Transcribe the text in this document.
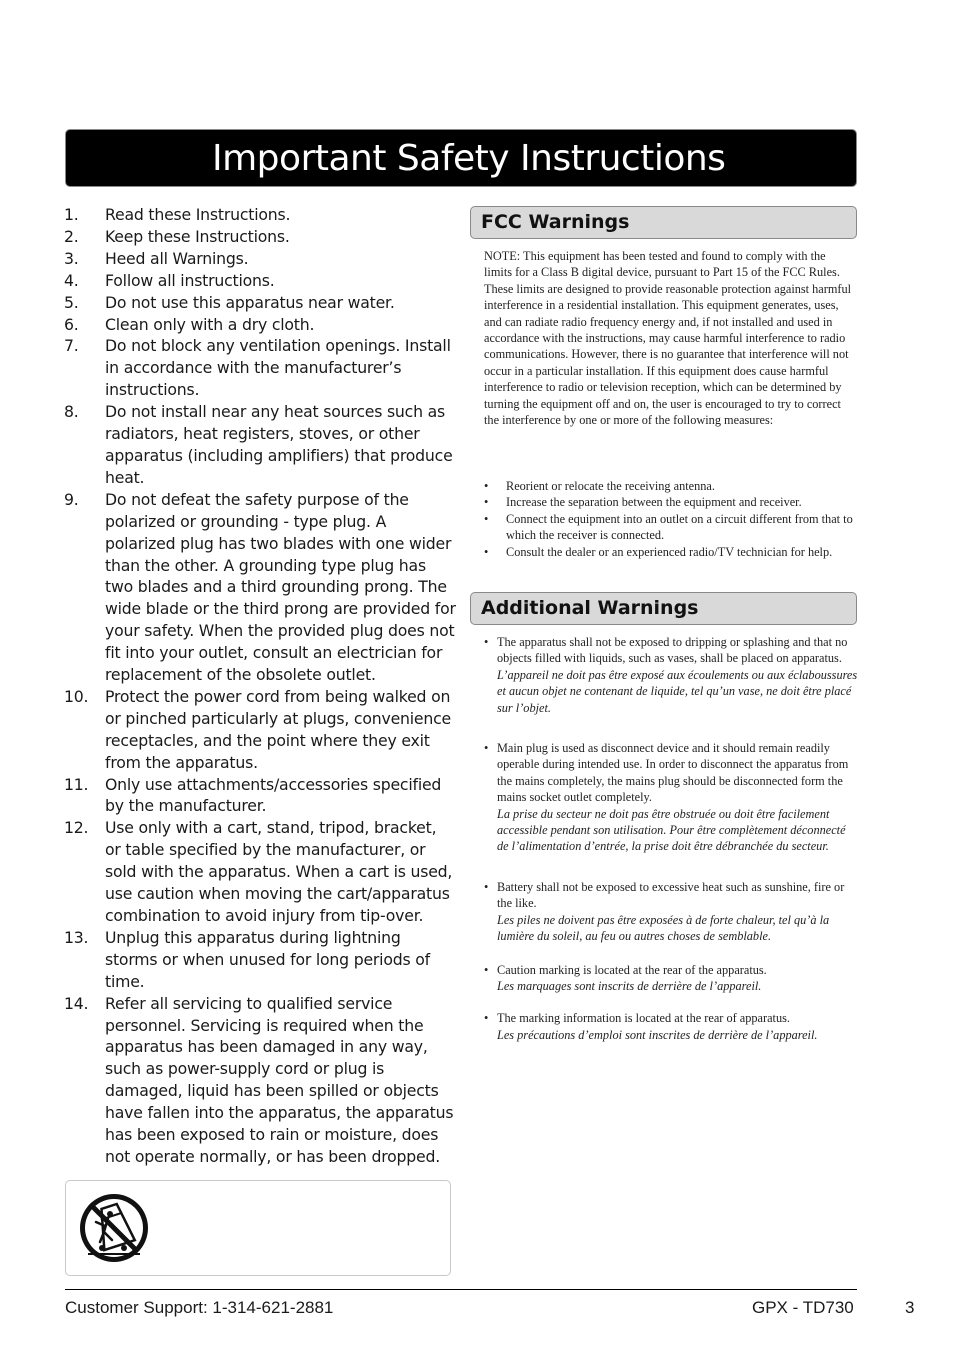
Important Safety Instructions
1.	Read these Instructions.
2.	Keep these Instructions.
3.	Heed all Warnings.
4.	Follow all instructions.
5.	Do not use this apparatus near water.
6.	Clean only with a dry cloth.
7.	Do not block any ventilation openings. Install in accordance with the manufacturer’s instructions.
8.	Do not install near any heat sources such as radiators, heat registers, stoves, or other apparatus (including amplifiers) that produce heat.
9.	Do not defeat the safety purpose of the polarized or grounding - type plug. A polarized plug has two blades with one wider than the other. A grounding type plug has two blades and a third grounding prong. The wide blade or the third prong are provided for your safety. When the provided plug does not fit into your outlet, consult an electrician for replacement of the obsolete outlet.
10.	Protect the power cord from being walked on or pinched particularly at plugs, convenience receptacles, and the point where they exit from the apparatus.
11.	Only use attachments/accessories specified by the manufacturer.
12.	Use only with a cart, stand, tripod, bracket, or table specified by the manufacturer, or sold with the apparatus. When a cart is used, use caution when moving the cart/apparatus combination to avoid injury from tip-over.
13.	Unplug this apparatus during lightning storms or when unused for long periods of time.
14.	Refer all servicing to qualified service personnel. Servicing is required when the apparatus has been damaged in any way, such as power-supply cord or plug is damaged, liquid has been spilled or objects have fallen into the apparatus, the apparatus has been exposed to rain or moisture, does not operate normally, or has been dropped.
FCC Warnings

NOTE: This equipment has been tested and found to comply with the limits for a Class B digital device, pursuant to Part 15 of the FCC Rules. These limits are designed to provide reasonable protection against harmful interference in a residential installation. This equipment generates, uses, and can radiate radio frequency energy and, if not installed and used in accordance with the instructions, may cause harmful interference to radio communications. However, there is no guarantee that interference will not occur in a particular installation. If this equipment does cause harmful interference to radio or television reception, which can be determined by turning the equipment off and on, the user is encouraged to try to correct the interference by one or more of the following measures:

•	Reorient or relocate the receiving antenna.
•	Increase the separation between the equipment and receiver.
•	Connect the equipment into an outlet on a circuit different from that to which the receiver is connected.
•	Consult the dealer or an experienced radio/TV technician for help.
Additional Warnings
• The apparatus shall not be exposed to dripping or splashing and that no objects filled with liquids, such as vases, shall be placed on apparatus.
L’appareil ne doit pas être exposé aux écoulements ou aux éclaboussures et aucun objet ne contenant de liquide, tel qu’un vase, ne doit être placé sur l’objet.
• Main plug is used as disconnect device and it should remain readily operable during intended use. In order to disconnect the apparatus from the mains completely, the mains plug should be disconnected form the mains socket outlet completely.
La prise du secteur ne doit pas être obstruée ou doit être facilement accessible pendant son utilisation. Pour être complètement déconnecté de l’alimentation d’entrée, la prise doit être débranchée du secteur.
• Battery shall not be exposed to excessive heat such as sunshine, fire or the like.
Les piles ne doivent pas être exposées à de forte chaleur, tel qu’à la lumière du soleil, au feu ou autres choses de semblable.
• Caution marking is located at the rear of the apparatus.
Les marquages sont inscrits de derrière de l’appareil.
• The marking information is located at the rear of apparatus.
Les précautions d’emploi sont inscrites de derrière de l’appareil.
Customer Support: 1-314-621-2881	GPX - TD730	3
